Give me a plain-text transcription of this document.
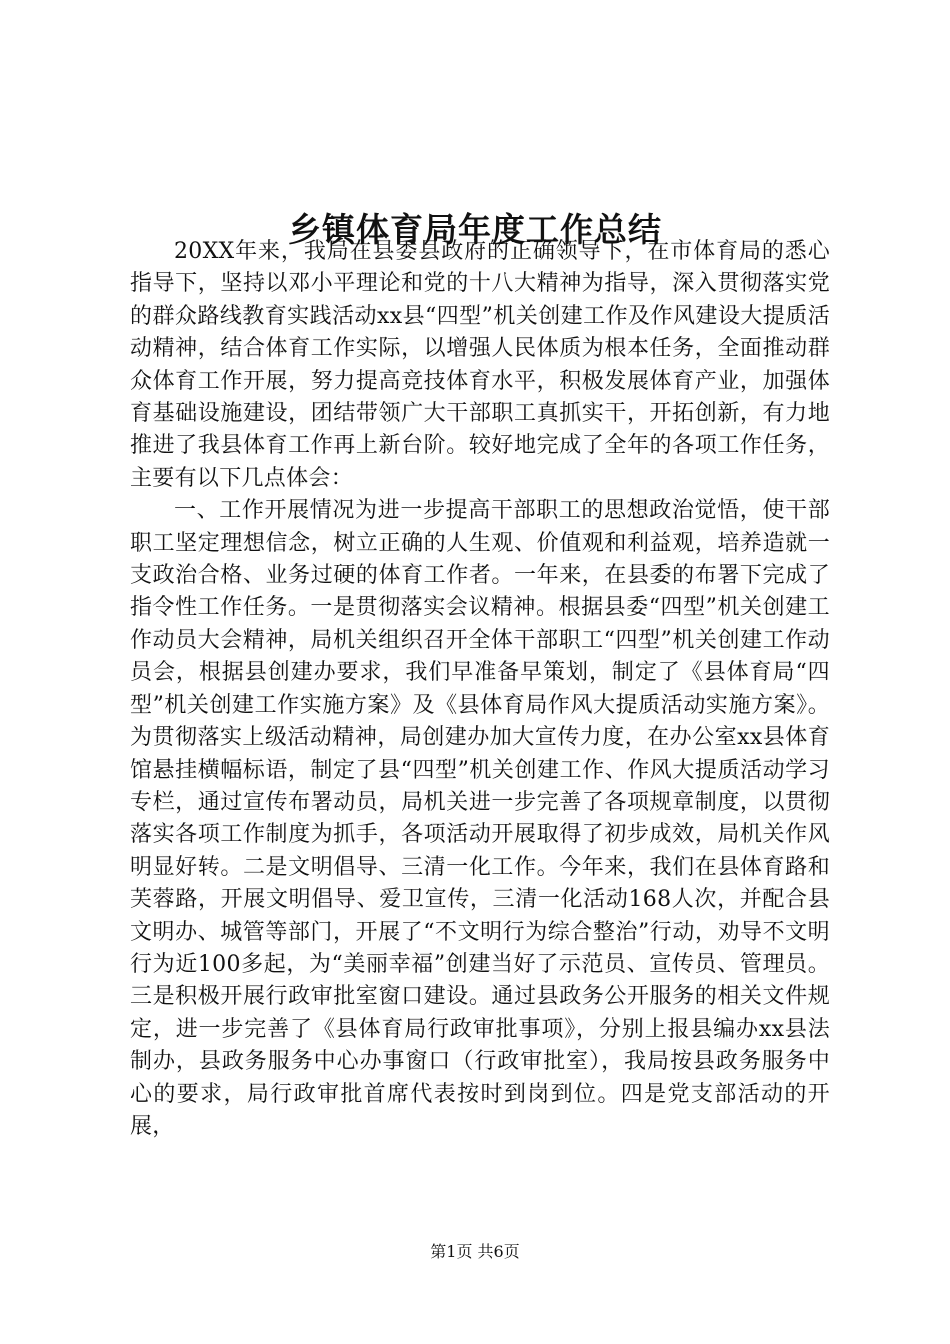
乡镇体育局年度工作总结

20XX年来，我局在县委县政府的正确领导下，在市体育局的悉心指导下，坚持以邓小平理论和党的十八大精神为指导，深入贯彻落实党的群众路线教育实践活动xx县“四型”机关创建工作及作风建设大提质活动精神，结合体育工作实际，以增强人民体质为根本任务，全面推动群众体育工作开展，努力提高竞技体育水平，积极发展体育产业，加强体育基础设施建设，团结带领广大干部职工真抓实干，开拓创新，有力地推进了我县体育工作再上新台阶。较好地完成了全年的各项工作任务，主要有以下几点体会：

一、工作开展情况为进一步提高干部职工的思想政治觉悟，使干部职工坚定理想信念，树立正确的人生观、价值观和利益观，培养造就一支政治合格、业务过硬的体育工作者。一年来，在县委的布署下完成了指令性工作任务。一是贯彻落实会议精神。根据县委“四型”机关创建工作动员大会精神，局机关组织召开全体干部职工“四型”机关创建工作动员会，根据县创建办要求，我们早准备早策划，制定了《县体育局“四型”机关创建工作实施方案》及《县体育局作风大提质活动实施方案》。为贯彻落实上级活动精神，局创建办加大宣传力度，在办公室xx县体育馆悬挂横幅标语，制定了县“四型”机关创建工作、作风大提质活动学习专栏，通过宣传布署动员，局机关进一步完善了各项规章制度，以贯彻落实各项工作制度为抓手，各项活动开展取得了初步成效，局机关作风明显好转。二是文明倡导、三清一化工作。今年来，我们在县体育路和芙蓉路，开展文明倡导、爱卫宣传，三清一化活动168人次，并配合县文明办、城管等部门，开展了“不文明行为综合整治”行动，劝导不文明行为近100多起，为“美丽幸福”创建当好了示范员、宣传员、管理员。三是积极开展行政审批室窗口建设。通过县政务公开服务的相关文件规定，进一步完善了《县体育局行政审批事项》，分别上报县编办xx县法制办，县政务服务中心办事窗口（行政审批室），我局按县政务服务中心的要求，局行政审批首席代表按时到岗到位。四是党支部活动的开展，

第1页 共6页
